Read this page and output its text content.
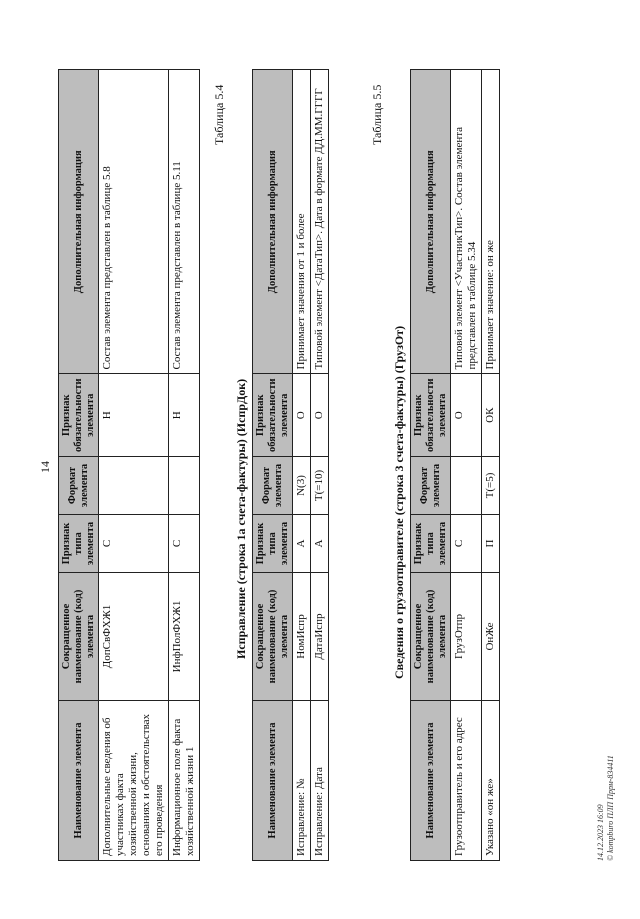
14
Наименование элемента	Сокращенное наименование (код) элемента	Признак типа элемента	Формат элемента	Признак обязательности элемента	Дополнительная информация
Дополнительные сведения об участниках факта хозяйственной жизни, основаниях и обстоятельствах его проведения	ДопСвФХЖ1	С		Н	Состав элемента представлен в таблице 5.8
Информационное поле факта хозяйственной жизни 1	ИнфПолФХЖ1	С		Н	Состав элемента представлен в таблице 5.11
Таблица 5.4
Исправление (строка 1а счета-фактуры) (ИспрДок)
Наименование элемента	Сокращенное наименование (код) элемента	Признак типа элемента	Формат элемента	Признак обязательности элемента	Дополнительная информация
Исправление: №	НомИспр	А	N(3)	О	Принимает значения от 1 и более
Исправление: Дата	ДатаИспр	А	T(=10)	О	Типовой элемент <ДатаТип>. Дата в формате ДД.ММ.ГГГГ	Таблица 5.5
Сведения о грузоотправителе (строка 3 счета-фактуры) (ГрузОт)
Наименование элемента	Сокращенное наименование (код) элемента	Признак типа элемента	Формат элемента	Признак обязательности элемента	Дополнительная информация
Грузоотправитель и его адрес	ГрузОтпр	С		О	Типовой элемент <УчастникТип>. Состав элемента представлен в таблице 5.34
Указано «он же»	ОнЖе	П	T(=5)	ОК	Принимает значение: он же
14.12.2023 16:09 © kompburo ПЛП Пррм-834411
